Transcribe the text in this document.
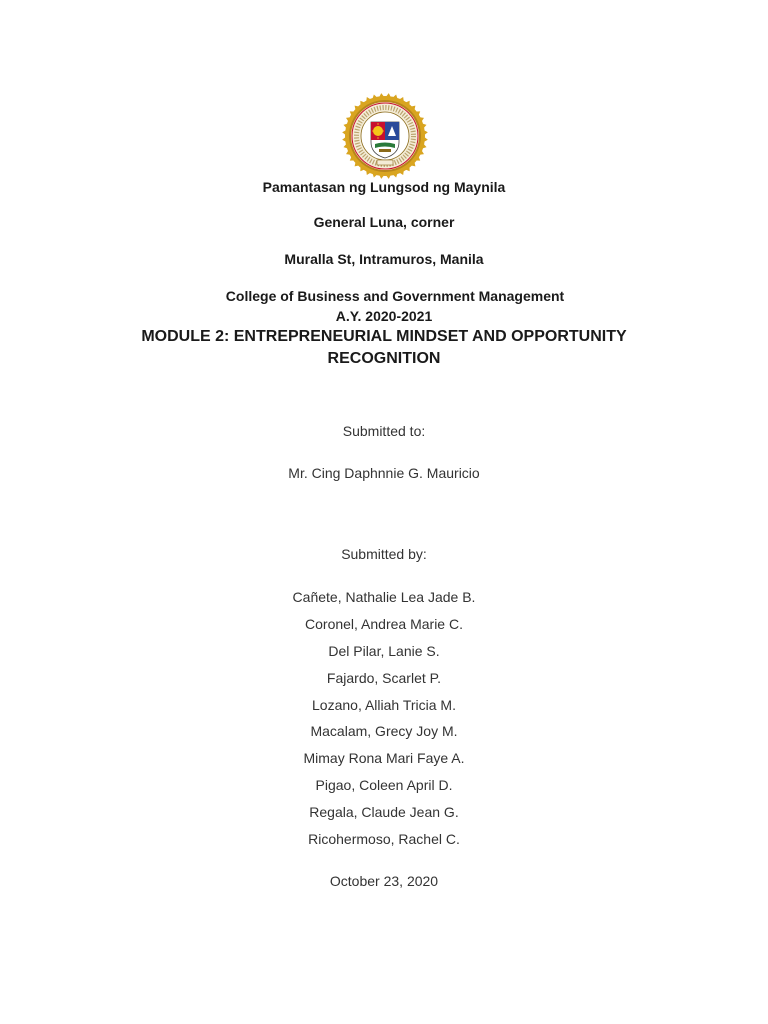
Pamantasan ng Lungsod ng Maynila
General Luna, corner
Muralla St, Intramuros, Manila
College of Business and Government Management
A.Y. 2020-2021
MODULE 2: ENTREPRENEURIAL MINDSET AND OPPORTUNITY
RECOGNITION
Submitted to:
Mr. Cing Daphnnie G. Mauricio
Submitted by:
Cañete, Nathalie Lea Jade B.
Coronel, Andrea Marie C.
Del Pilar, Lanie S.
Fajardo, Scarlet P.
Lozano, Alliah Tricia M.
Macalam, Grecy Joy M.
Mimay Rona Mari Faye A.
Pigao, Coleen April D.
Regala, Claude Jean G.
Ricohermoso, Rachel C.
October 23, 2020
